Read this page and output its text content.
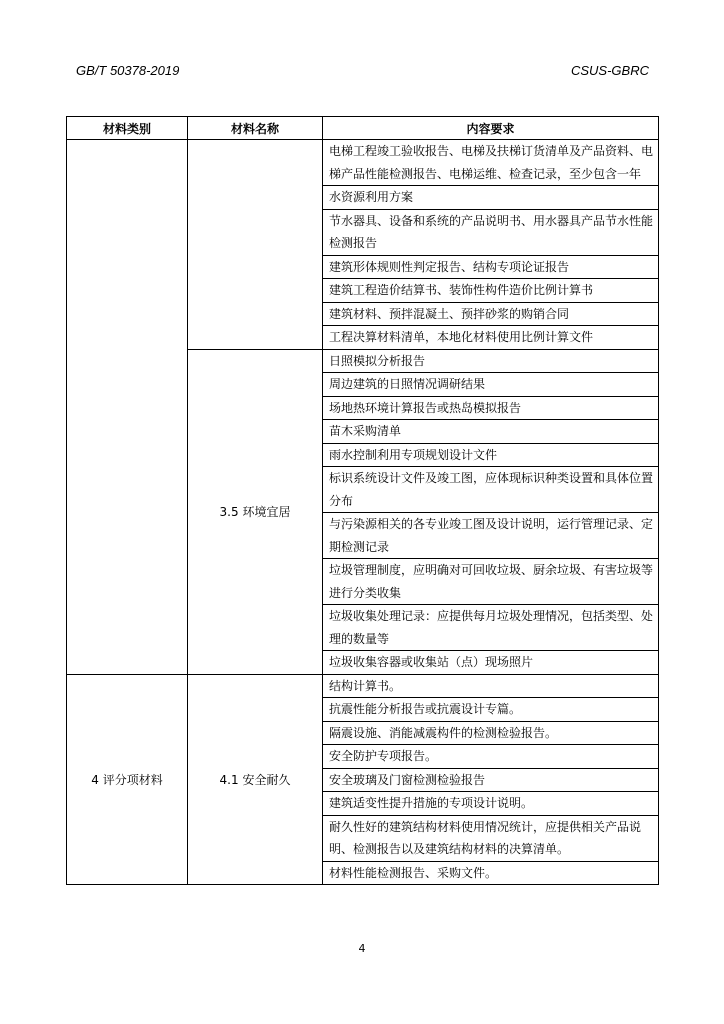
GB/T 50378-2019	CSUS-GBRC
材料类别	材料名称	内容要求
		电梯工程竣工验收报告、电梯及扶梯订货清单及产品资料、电梯产品性能检测报告、电梯运维、检查记录，至少包含一年
		水资源利用方案
		节水器具、设备和系统的产品说明书、用水器具产品节水性能检测报告
		建筑形体规则性判定报告、结构专项论证报告
		建筑工程造价结算书、装饰性构件造价比例计算书
		建筑材料、预拌混凝土、预拌砂浆的购销合同
		工程决算材料清单，本地化材料使用比例计算文件
	3.5 环境宜居	日照模拟分析报告
		周边建筑的日照情况调研结果
		场地热环境计算报告或热岛模拟报告
		苗木采购清单
		雨水控制利用专项规划设计文件
		标识系统设计文件及竣工图，应体现标识种类设置和具体位置分布
		与污染源相关的各专业竣工图及设计说明，运行管理记录、定期检测记录
		垃圾管理制度，应明确对可回收垃圾、厨余垃圾、有害垃圾等进行分类收集
		垃圾收集处理记录：应提供每月垃圾处理情况，包括类型、处理的数量等
		垃圾收集容器或收集站（点）现场照片
4 评分项材料	4.1 安全耐久	结构计算书。
		抗震性能分析报告或抗震设计专篇。
		隔震设施、消能减震构件的检测检验报告。
		安全防护专项报告。
		安全玻璃及门窗检测检验报告
		建筑适变性提升措施的专项设计说明。
		耐久性好的建筑结构材料使用情况统计，应提供相关产品说明、检测报告以及建筑结构材料的决算清单。
		材料性能检测报告、采购文件。
4
